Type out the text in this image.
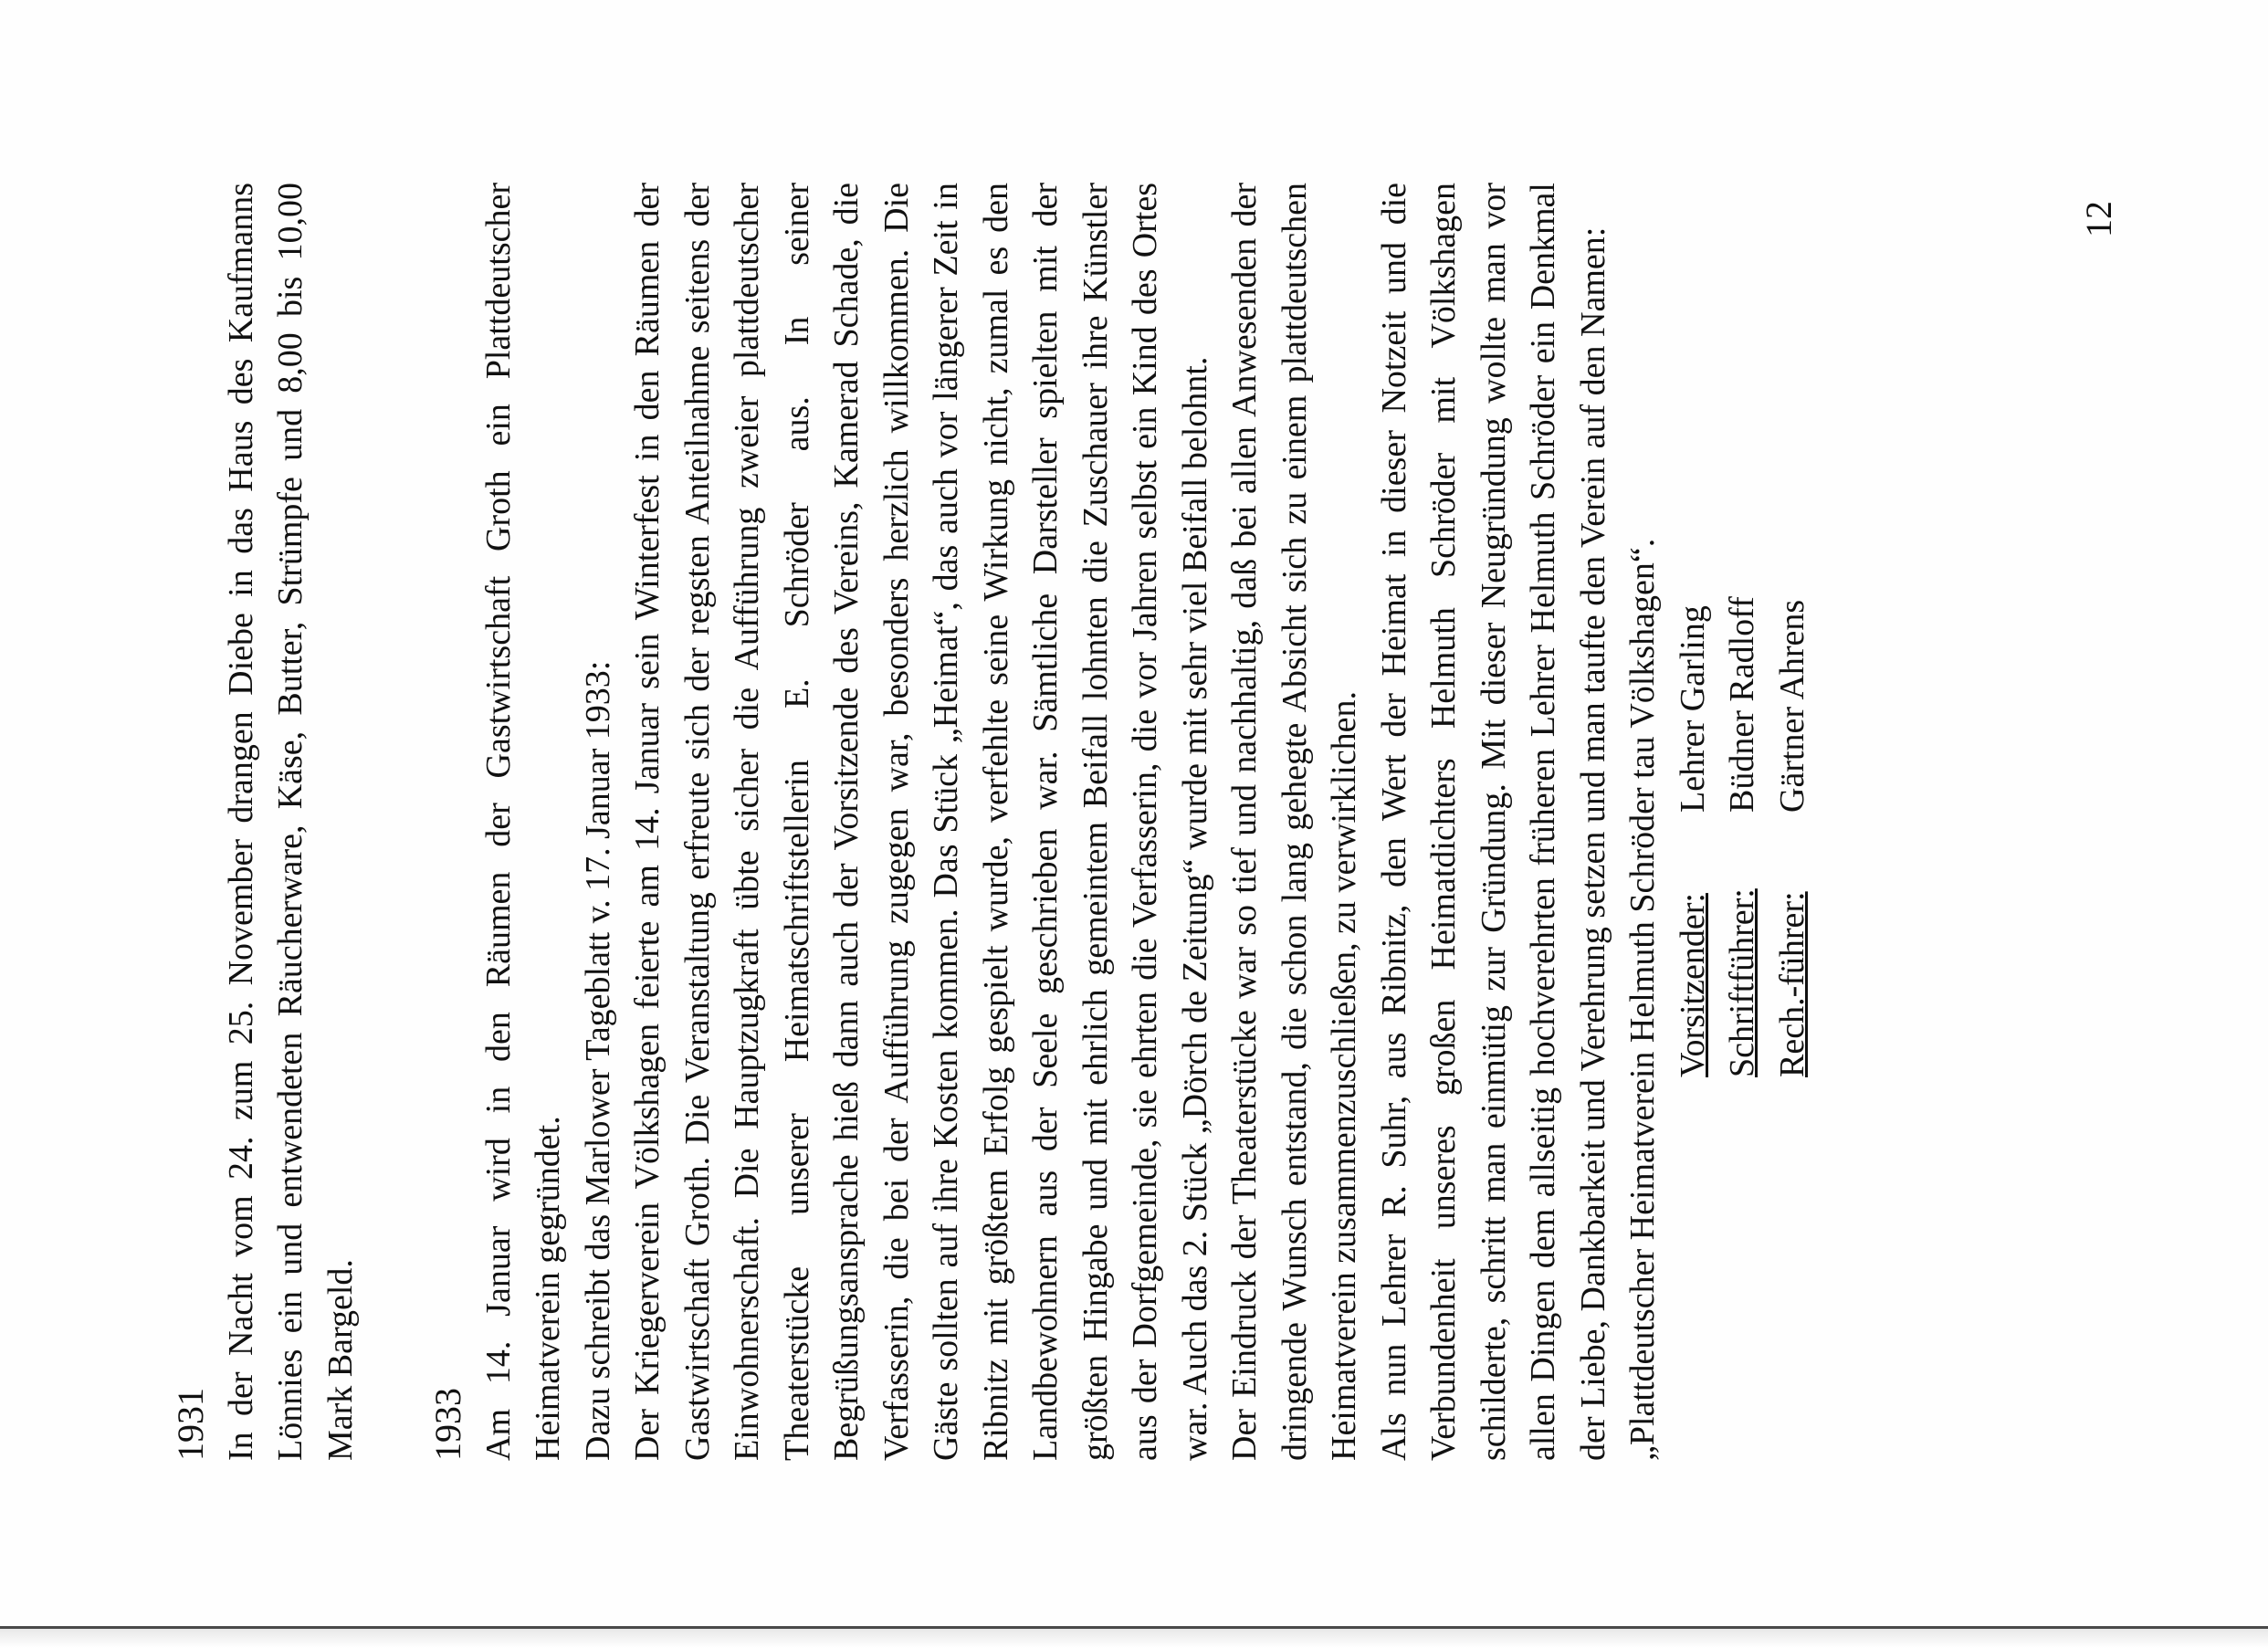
1931 In der Nacht vom 24. zum 25. November drangen Diebe in das Haus des Kaufmanns Lönnies ein und entwendeten Räucherware, Käse, Butter, Strümpfe und 8,00 bis 10,00 Mark Bargeld. 1933 Am 14. Januar wird in den Räumen der Gastwirtschaft Groth ein Plattdeutscher Heimatverein gegründet. Dazu schreibt das Marlower Tageblatt v. 17. Januar 1933: Der Kriegerverein Völkshagen feierte am 14. Januar sein Winterfest in den Räumen der Gastwirtschaft Groth. Die Veranstaltung erfreute sich der regsten Anteilnahme seitens der Einwohnerschaft. Die Hauptzugkraft übte sicher die Aufführung zweier plattdeutscher Theaterstücke unserer Heimatschriftstellerin E. Schröder aus. In seiner Begrüßungsansprache hieß dann auch der Vorsitzende des Vereins, Kamerad Schade, die Verfasserin, die bei der Aufführung zugegen war, besonders herzlich willkommen. Die Gäste sollten auf ihre Kosten kommen. Das Stück „Heimat“, das auch vor längerer Zeit in Ribnitz mit größtem Erfolg gespielt wurde, verfehlte seine Wirkung nicht, zumal es den Landbewohnern aus der Seele geschrieben war. Sämtliche Darsteller spielten mit der größten Hingabe und mit ehrlich gemeintem Beifall lohnten die Zuschauer ihre Künstler aus der Dorfgemeinde, sie ehrten die Verfasserin, die vor Jahren selbst ein Kind des Ortes war. Auch das 2. Stück „Dörch de Zeitung“ wurde mit sehr viel Beifall belohnt. Der Eindruck der Theaterstücke war so tief und nachhaltig, daß bei allen Anwesenden der dringende Wunsch entstand, die schon lang gehegte Absicht sich zu einem plattdeutschen Heimatverein zusammenzuschließen, zu verwirklichen. Als nun Lehrer R. Suhr, aus Ribnitz, den Wert der Heimat in dieser Notzeit und die Verbundenheit unseres großen Heimatdichters Helmuth Schröder mit Völkshagen schilderte, schritt man einmütig zur Gründung. Mit dieser Neugründung wollte man vor allen Dingen dem allseitig hochverehrten früheren Lehrer Helmuth Schröder ein Denkmal der Liebe, Dankbarkeit und Verehrung setzen und man taufte den Verein auf den Namen: „Plattdeutscher Heimatverein Helmuth Schröder tau Völkshagen“. Vorsitzender:
Lehrer Garling
Schriftführer:
Büdner Radloff
Rech.-führer:
Gärtner Ahrens
12
